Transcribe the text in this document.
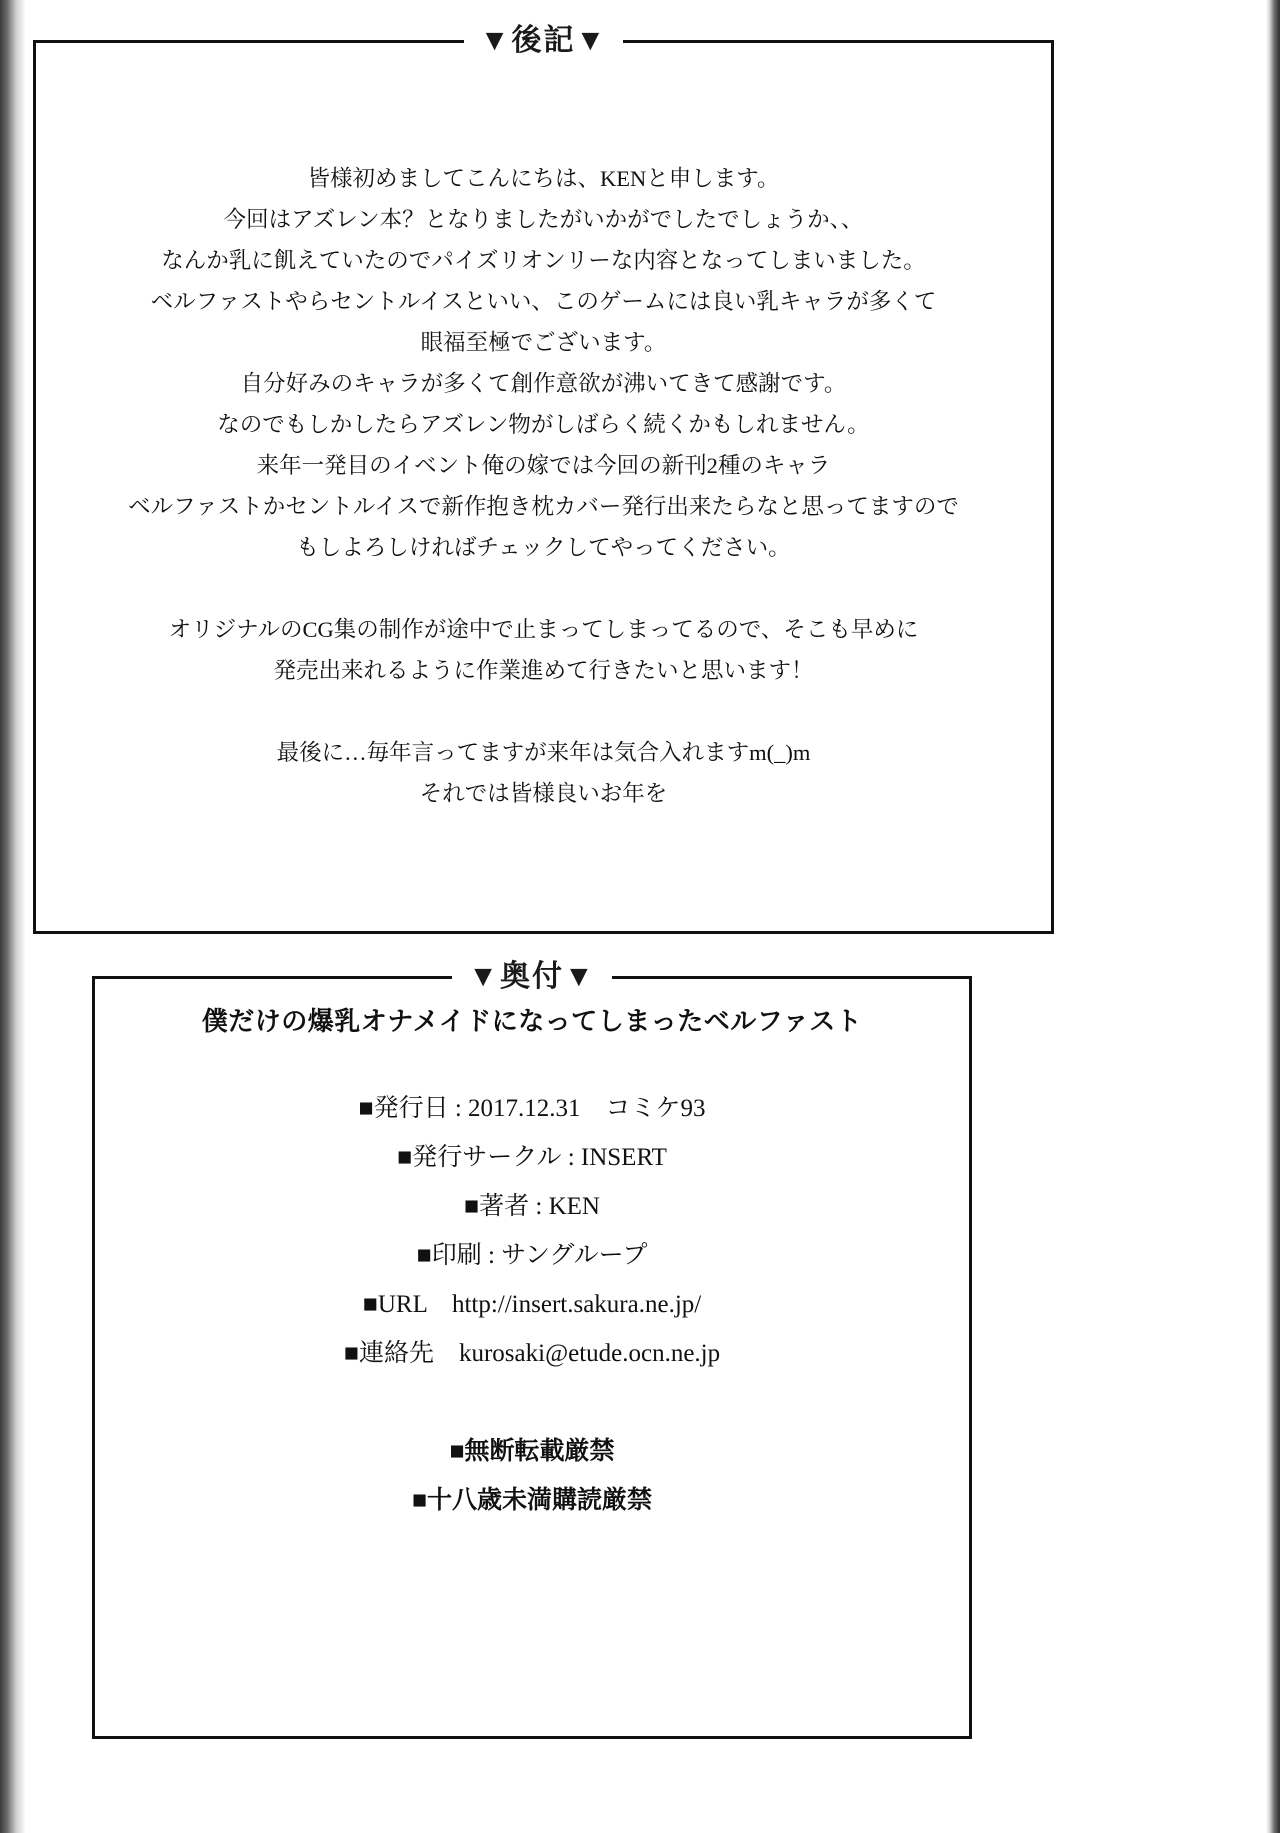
▼後記▼

皆様初めましてこんにちは、KENと申します。

今回はアズレン本？となりましたがいかがでしたでしょうか、、

なんか乳に飢えていたのでパイズリオンリーな内容となってしまいました。

ベルファストやらセントルイスといい、このゲームには良い乳キャラが多くて

眼福至極でございます。

自分好みのキャラが多くて創作意欲が沸いてきて感謝です。

なのでもしかしたらアズレン物がしばらく続くかもしれません。

来年一発目のイベント俺の嫁では今回の新刊2種のキャラ

ベルファストかセントルイスで新作抱き枕カバー発行出来たらなと思ってますので

もしよろしければチェックしてやってください。

オリジナルのCG集の制作が途中で止まってしまってるので、そこも早めに

発売出来れるように作業進めて行きたいと思います！

最後に…毎年言ってますが来年は気合入れますm(_)m

それでは皆様良いお年を

▼奥付▼
僕だけの爆乳オナメイドになってしまったベルファスト
■発行日 : 2017.12.31　コミケ93
■発行サークル : INSERT
■著者 : KEN
■印刷 : サングループ
■URL　http://insert.sakura.ne.jp/
■連絡先　kurosaki@etude.ocn.ne.jp
■無断転載厳禁
■十八歳未満購読厳禁
